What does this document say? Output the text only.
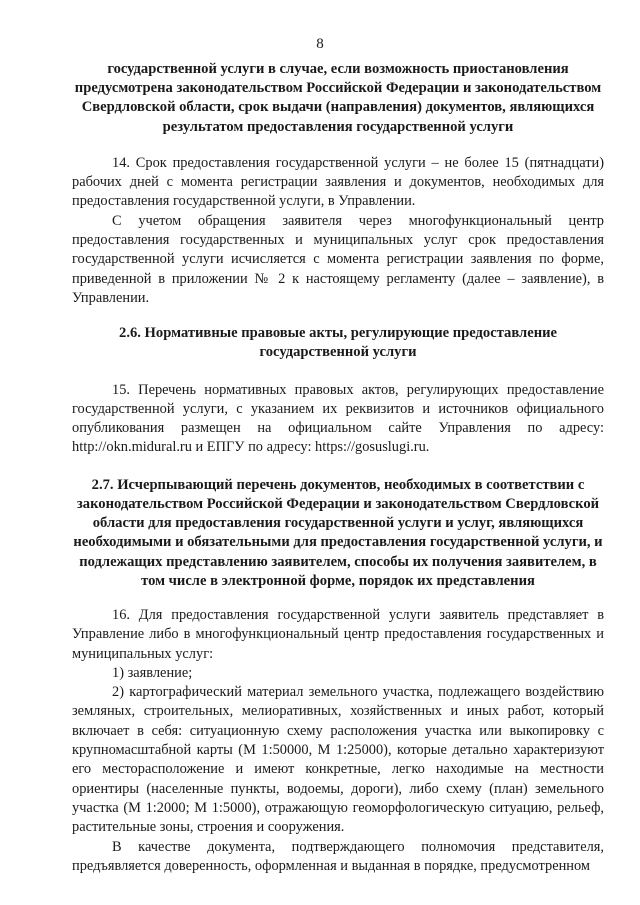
8
государственной услуги в случае, если возможность приостановления предусмотрена законодательством Российской Федерации и законодательством Свердловской области, срок выдачи (направления) документов, являющихся результатом предоставления государственной услуги
14. Срок предоставления государственной услуги – не более 15 (пятнадцати) рабочих дней с момента регистрации заявления и документов, необходимых для предоставления государственной услуги, в Управлении.
С учетом обращения заявителя через многофункциональный центр предоставления государственных и муниципальных услуг срок предоставления государственной услуги исчисляется с момента регистрации заявления по форме, приведенной в приложении № 2 к настоящему регламенту (далее – заявление), в Управлении.
2.6. Нормативные правовые акты, регулирующие предоставление государственной услуги
15. Перечень нормативных правовых актов, регулирующих предоставление государственной услуги, с указанием их реквизитов и источников официального опубликования размещен на официальном сайте Управления по адресу: http://okn.midural.ru и ЕПГУ по адресу: https://gosuslugi.ru.
2.7. Исчерпывающий перечень документов, необходимых в соответствии с законодательством Российской Федерации и законодательством Свердловской области для предоставления государственной услуги и услуг, являющихся необходимыми и обязательными для предоставления государственной услуги, и подлежащих представлению заявителем, способы их получения заявителем, в том числе в электронной форме, порядок их представления
16. Для предоставления государственной услуги заявитель представляет в Управление либо в многофункциональный центр предоставления государственных и муниципальных услуг:
1) заявление;
2) картографический материал земельного участка, подлежащего воздействию земляных, строительных, мелиоративных, хозяйственных и иных работ, который включает в себя: ситуационную схему расположения участка или выкопировку с крупномасштабной карты (М 1:50000, М 1:25000), которые детально характеризуют его месторасположение и имеют конкретные, легко находимые на местности ориентиры (населенные пункты, водоемы, дороги), либо схему (план) земельного участка (М 1:2000; М 1:5000), отражающую геоморфологическую ситуацию, рельеф, растительные зоны, строения и сооружения.
В качестве документа, подтверждающего полномочия представителя, предъявляется доверенность, оформленная и выданная в порядке, предусмотренном
